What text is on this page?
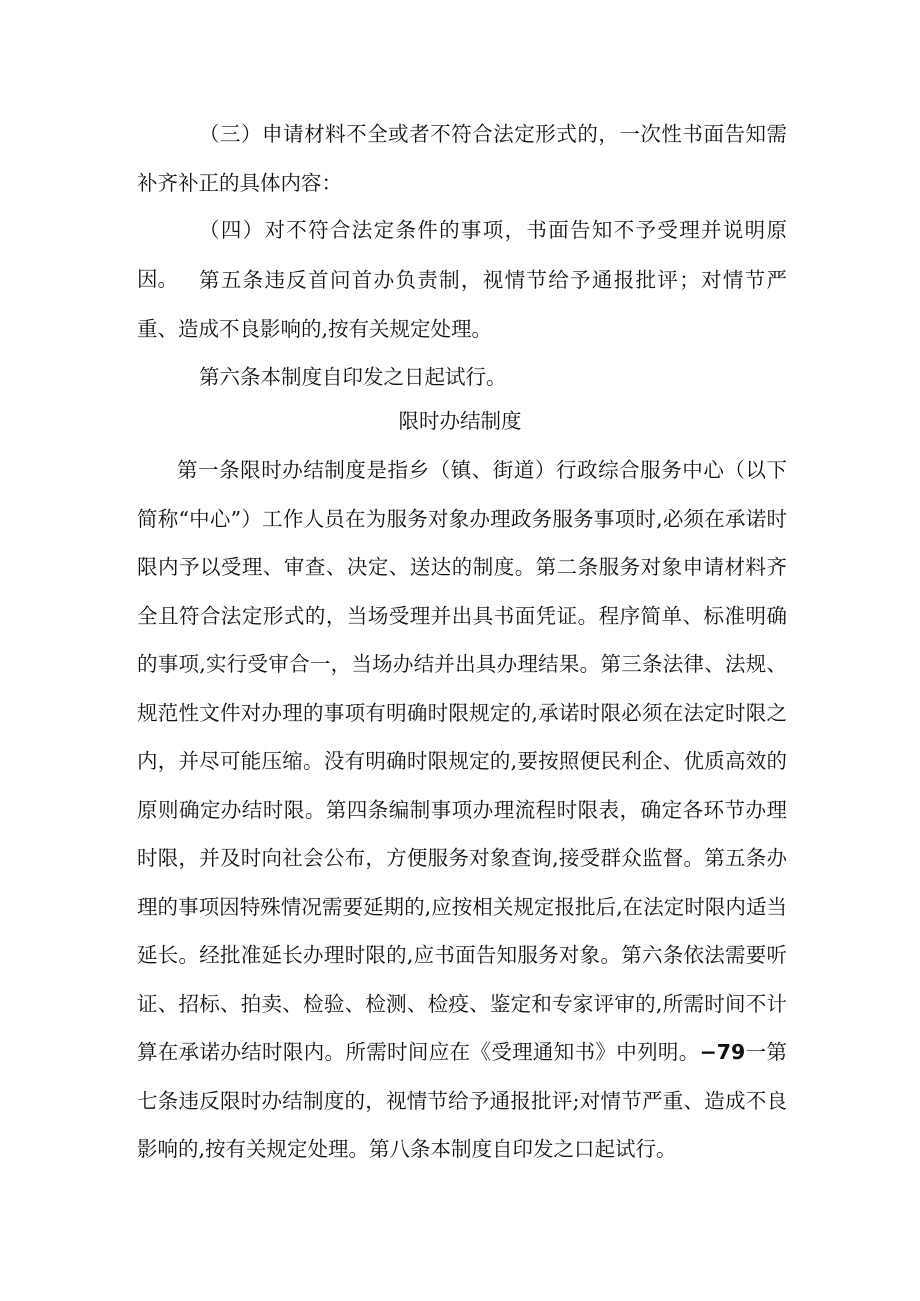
（三）申请材料不全或者不符合法定形式的，一次性书面告知需补齐补正的具体内容：

（四）对不符合法定条件的事项，书面告知不予受理并说明原因。	第五条违反首问首办负责制，视情节给予通报批评；对情节严重、造成不良影响的,按有关规定处理。

第六条本制度自印发之日起试行。

限时办结制度

第一条限时办结制度是指乡（镇、街道）行政综合服务中心（以下简称“中心”）工作人员在为服务对象办理政务服务事项时,必须在承诺时限内予以受理、审查、决定、送达的制度。第二条服务对象申请材料齐全且符合法定形式的，当场受理并出具书面凭证。程序简单、标准明确的事项,实行受审合一，当场办结并出具办理结果。第三条法律、法规、规范性文件对办理的事项有明确时限规定的,承诺时限必须在法定时限之内，并尽可能压缩。没有明确时限规定的,要按照便民利企、优质高效的原则确定办结时限。第四条编制事项办理流程时限表，确定各环节办理时限，并及时向社会公布，方便服务对象查询,接受群众监督。第五条办理的事项因特殊情况需要延期的,应按相关规定报批后,在法定时限内适当延长。经批准延长办理时限的,应书面告知服务对象。第六条依法需要听证、招标、拍卖、检验、检测、检疫、鉴定和专家评审的,所需时间不计算在承诺办结时限内。所需时间应在《受理通知书》中列明。−79一第七条违反限时办结制度的，视情节给予通报批评;对情节严重、造成不良影响的,按有关规定处理。第八条本制度自印发之口起试行。
